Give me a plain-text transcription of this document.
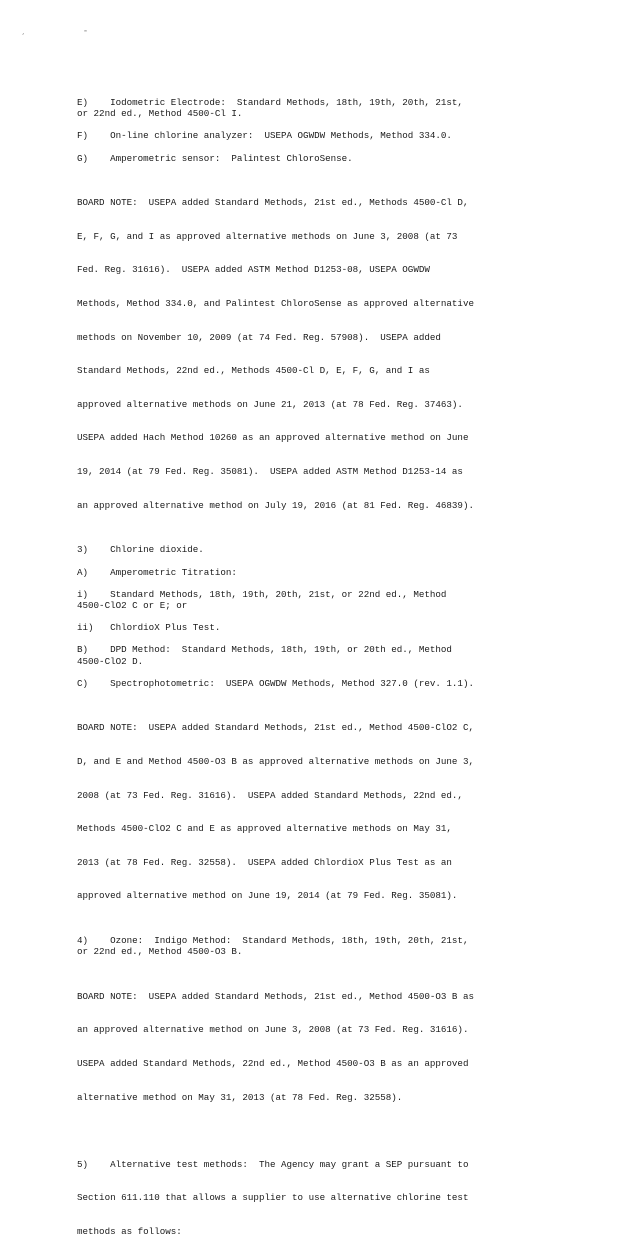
, "
E)    Iodometric Electrode:  Standard Methods, 18th, 19th, 20th, 21st,
or 22nd ed., Method 4500-Cl I.
F)    On-line chlorine analyzer:  USEPA OGWDW Methods, Method 334.0.
G)    Amperometric sensor:  Palintest ChloroSense.

BOARD NOTE:  USEPA added Standard Methods, 21st ed., Methods 4500-Cl D,

E, F, G, and I as approved alternative methods on June 3, 2008 (at 73

Fed. Reg. 31616).  USEPA added ASTM Method D1253-08, USEPA OGWDW

Methods, Method 334.0, and Palintest ChloroSense as approved alternative

methods on November 10, 2009 (at 74 Fed. Reg. 57908).  USEPA added

Standard Methods, 22nd ed., Methods 4500-Cl D, E, F, G, and I as

approved alternative methods on June 21, 2013 (at 78 Fed. Reg. 37463).

USEPA added Hach Method 10260 as an approved alternative method on June

19, 2014 (at 79 Fed. Reg. 35081).  USEPA added ASTM Method D1253-14 as

an approved alternative method on July 19, 2016 (at 81 Fed. Reg. 46839).

3)    Chlorine dioxide.
A)    Amperometric Titration:
i)    Standard Methods, 18th, 19th, 20th, 21st, or 22nd ed., Method
4500-ClO2 C or E; or
ii)   ChlordioX Plus Test.
B)    DPD Method:  Standard Methods, 18th, 19th, or 20th ed., Method
4500-ClO2 D.
C)    Spectrophotometric:  USEPA OGWDW Methods, Method 327.0 (rev. 1.1).

BOARD NOTE:  USEPA added Standard Methods, 21st ed., Method 4500-ClO2 C,

D, and E and Method 4500-O3 B as approved alternative methods on June 3,

2008 (at 73 Fed. Reg. 31616).  USEPA added Standard Methods, 22nd ed.,

Methods 4500-ClO2 C and E as approved alternative methods on May 31,

2013 (at 78 Fed. Reg. 32558).  USEPA added ChlordioX Plus Test as an

approved alternative method on June 19, 2014 (at 79 Fed. Reg. 35081).

4)    Ozone:  Indigo Method:  Standard Methods, 18th, 19th, 20th, 21st,
or 22nd ed., Method 4500-O3 B.

BOARD NOTE:  USEPA added Standard Methods, 21st ed., Method 4500-O3 B as

an approved alternative method on June 3, 2008 (at 73 Fed. Reg. 31616).

USEPA added Standard Methods, 22nd ed., Method 4500-O3 B as an approved

alternative method on May 31, 2013 (at 78 Fed. Reg. 32558).

5)    Alternative test methods:  The Agency may grant a SEP pursuant to

Section 611.110 that allows a supplier to use alternative chlorine test

methods as follows:
